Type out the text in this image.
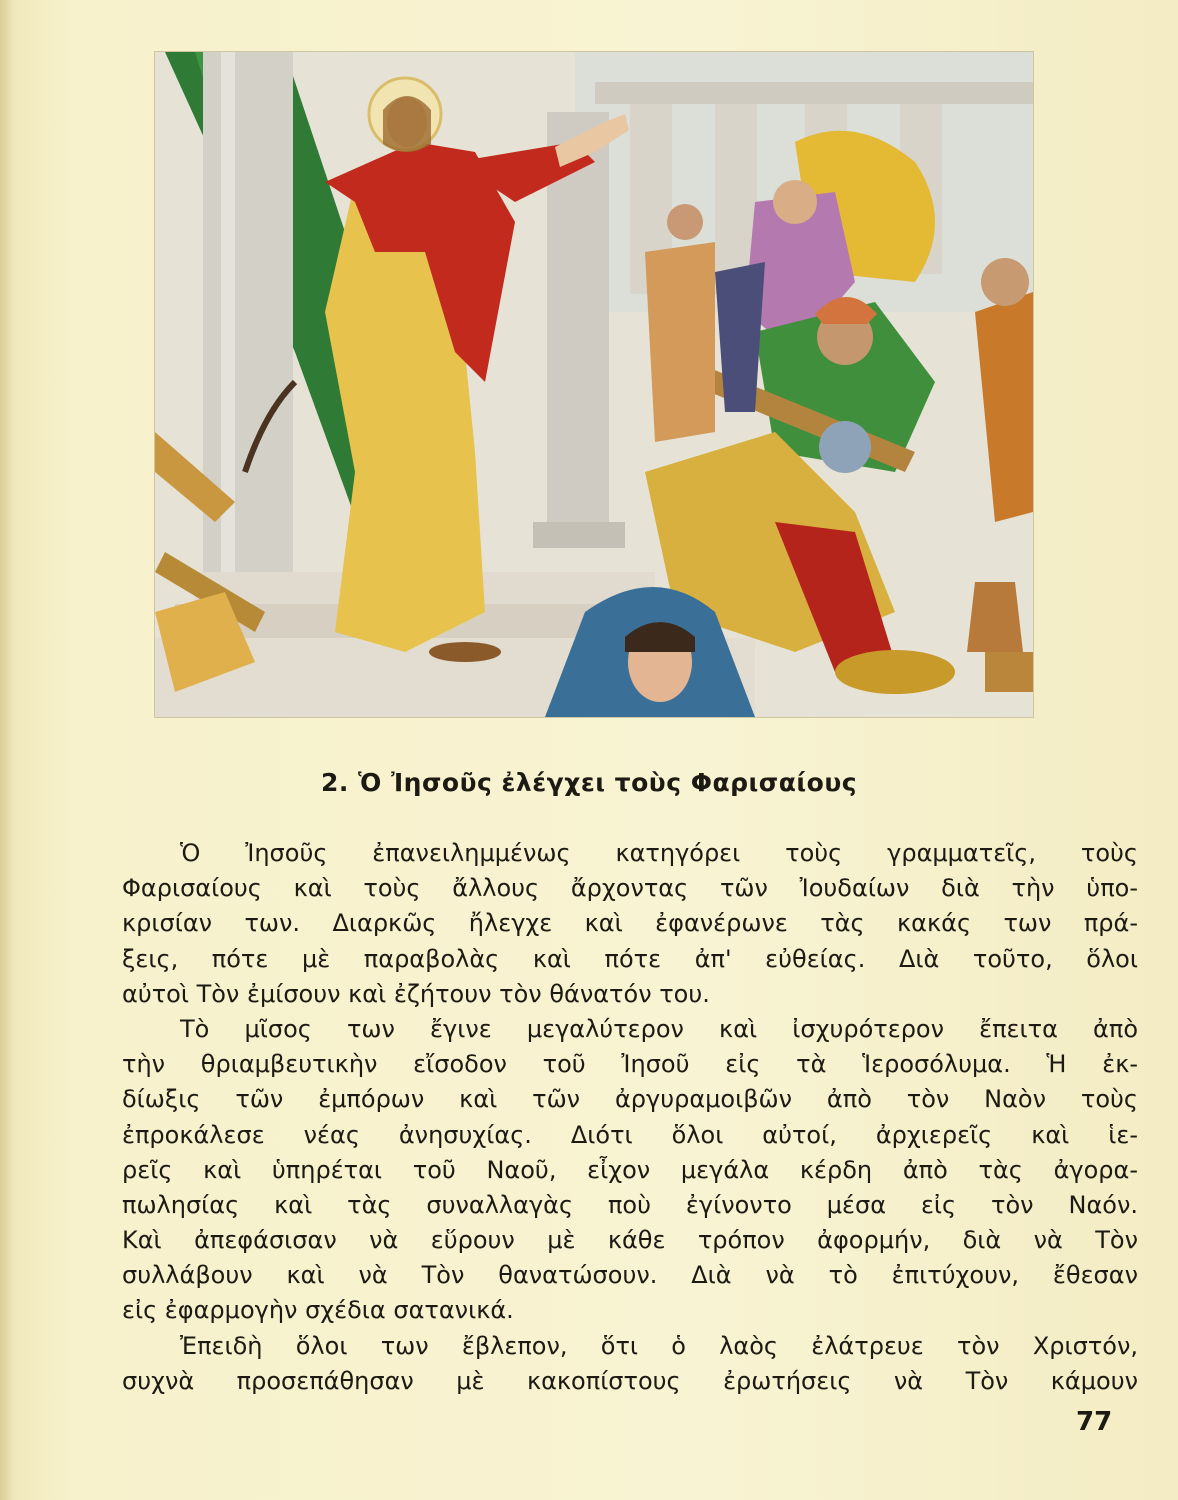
2. Ὁ Ἰησοῦς ἐλέγχει τοὺς Φαρισαίους
Ὁ Ἰησοῦς ἐπανειλημμένως κατηγόρει τοὺς γραμματεῖς, τοὺς
Φαρισαίους καὶ τοὺς ἄλλους ἄρχοντας τῶν Ἰουδαίων διὰ τὴν ὑπο-
κρισίαν των. Διαρκῶς ἤλεγχε καὶ ἐφανέρωνε τὰς κακάς των πρά-
ξεις, πότε μὲ παραβολὰς καὶ πότε ἀπ' εὐθείας. Διὰ τοῦτο, ὅλοι
αὐτοὶ Τὸν ἐμίσουν καὶ ἐζήτουν τὸν θάνατόν του.
Τὸ μῖσος των ἔγινε μεγαλύτερον καὶ ἰσχυρότερον ἔπειτα ἀπὸ
τὴν θριαμβευτικὴν εἴσοδον τοῦ Ἰησοῦ εἰς τὰ Ἱεροσόλυμα. Ἡ ἐκ-
δίωξις τῶν ἐμπόρων καὶ τῶν ἀργυραμοιβῶν ἀπὸ τὸν Ναὸν τοὺς
ἐπροκάλεσε νέας ἀνησυχίας. Διότι ὅλοι αὐτοί, ἀρχιερεῖς καὶ ἱε-
ρεῖς καὶ ὑπηρέται τοῦ Ναοῦ, εἶχον μεγάλα κέρδη ἀπὸ τὰς ἀγορα-
πωλησίας καὶ τὰς συναλλαγὰς ποὺ ἐγίνοντο μέσα εἰς τὸν Ναόν.
Καὶ ἀπεφάσισαν νὰ εὕρουν μὲ κάθε τρόπον ἀφορμήν, διὰ νὰ Τὸν
συλλάβουν καὶ νὰ Τὸν θανατώσουν. Διὰ νὰ τὸ ἐπιτύχουν, ἔθεσαν
εἰς ἐφαρμογὴν σχέδια σατανικά.
Ἐπειδὴ ὅλοι των ἔβλεπον, ὅτι ὁ λαὸς ἐλάτρευε τὸν Χριστόν,
συχνὰ προσεπάθησαν μὲ κακοπίστους ἐρωτήσεις νὰ Τὸν κάμουν
77
